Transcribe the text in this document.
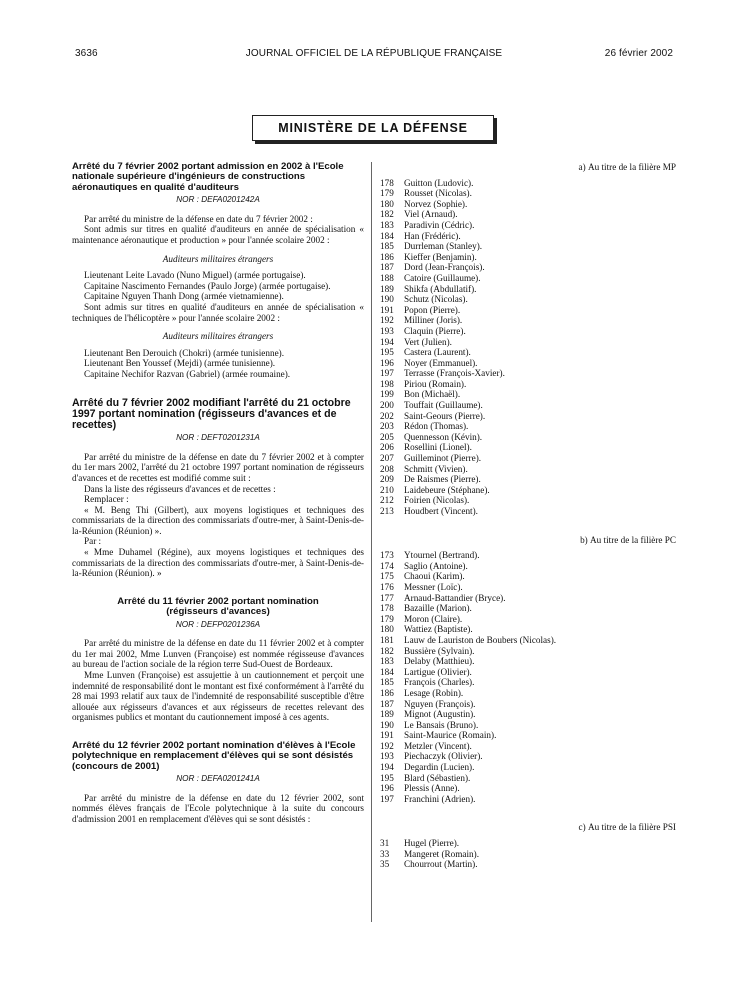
3636	JOURNAL OFFICIEL DE LA RÉPUBLIQUE FRANÇAISE	26 février 2002
MINISTÈRE DE LA DÉFENSE
Arrêté du 7 février 2002 portant admission en 2002 à l'Ecole nationale supérieure d'ingénieurs de constructions aéronautiques en qualité d'auditeurs
NOR : DEFA0201242A

Par arrêté du ministre de la défense en date du 7 février 2002 :

Sont admis sur titres en qualité d'auditeurs en année de spécialisation « maintenance aéronautique et production » pour l'année scolaire 2002 :

Auditeurs militaires étrangers

Lieutenant Leite Lavado (Nuno Miguel) (armée portugaise).

Capitaine Nascimento Fernandes (Paulo Jorge) (armée portugaise).

Capitaine Nguyen Thanh Dong (armée vietnamienne).

Sont admis sur titres en qualité d'auditeurs en année de spécialisation « techniques de l'hélicoptère » pour l'année scolaire 2002 :

Auditeurs militaires étrangers

Lieutenant Ben Derouich (Chokri) (armée tunisienne).

Lieutenant Ben Youssef (Mejdi) (armée tunisienne).

Capitaine Nechifor Razvan (Gabriel) (armée roumaine).

Arrêté du 7 février 2002 modifiant l'arrêté du 21 octobre 1997 portant nomination (régisseurs d'avances et de recettes)
NOR : DEFT0201231A

Par arrêté du ministre de la défense en date du 7 février 2002 et à compter du 1er mars 2002, l'arrêté du 21 octobre 1997 portant nomination de régisseurs d'avances et de recettes est modifié comme suit :

Dans la liste des régisseurs d'avances et de recettes :

Remplacer :

« M. Beng Thi (Gilbert), aux moyens logistiques et techniques des commissariats de la direction des commissariats d'outre-mer, à Saint-Denis-de-la-Réunion (Réunion) ».

Par :

« Mme Duhamel (Régine), aux moyens logistiques et techniques des commissariats de la direction des commissariats d'outre-mer, à Saint-Denis-de-la-Réunion (Réunion). »

Arrêté du 11 février 2002 portant nomination
(régisseurs d'avances)
NOR : DEFP0201236A

Par arrêté du ministre de la défense en date du 11 février 2002 et à compter du 1er mai 2002, Mme Lunven (Françoise) est nommée régisseuse d'avances au bureau de l'action sociale de la région terre Sud-Ouest de Bordeaux.

Mme Lunven (Françoise) est assujettie à un cautionnement et perçoit une indemnité de responsabilité dont le montant est fixé conformément à l'arrêté du 28 mai 1993 relatif aux taux de l'indemnité de responsabilité susceptible d'être allouée aux régisseurs d'avances et aux régisseurs de recettes relevant des organismes publics et montant du cautionnement imposé à ces agents.

Arrêté du 12 février 2002 portant nomination d'élèves à l'Ecole polytechnique en remplacement d'élèves qui se sont désistés (concours de 2001)
NOR : DEFA0201241A

Par arrêté du ministre de la défense en date du 12 février 2002, sont nommés élèves français de l'Ecole polytechnique à la suite du concours d'admission 2001 en remplacement d'élèves qui se sont désistés :

a) Au titre de la filière MP
178 Guitton (Ludovic).
179 Rousset (Nicolas).
180 Norvez (Sophie).
182 Viel (Arnaud).
183 Paradivin (Cédric).
184 Han (Frédéric).
185 Durrleman (Stanley).
186 Kieffer (Benjamin).
187 Dord (Jean-François).
188 Catoire (Guillaume).
189 Shikfa (Abdullatif).
190 Schutz (Nicolas).
191 Popon (Pierre).
192 Milliner (Joris).
193 Claquin (Pierre).
194 Vert (Julien).
195 Castera (Laurent).
196 Noyer (Emmanuel).
197 Terrasse (François-Xavier).
198 Piriou (Romain).
199 Bon (Michaël).
200 Touffait (Guillaume).
202 Saint-Geours (Pierre).
203 Rédon (Thomas).
205 Quennesson (Kévin).
206 Rosellini (Lionel).
207 Guilleminot (Pierre).
208 Schmitt (Vivien).
209 De Raismes (Pierre).
210 Laidebeure (Stéphane).
212 Foirien (Nicolas).
213 Houdbert (Vincent).
b) Au titre de la filière PC
173 Ytournel (Bertrand).
174 Saglio (Antoine).
175 Chaoui (Karim).
176 Messner (Loïc).
177 Arnaud-Battandier (Bryce).
178 Bazaille (Marion).
179 Moron (Claire).
180 Wattiez (Baptiste).
181 Lauw de Lauriston de Boubers (Nicolas).
182 Bussière (Sylvain).
183 Delaby (Matthieu).
184 Lartigue (Olivier).
185 François (Charles).
186 Lesage (Robin).
187 Nguyen (François).
189 Mignot (Augustin).
190 Le Bansais (Bruno).
191 Saint-Maurice (Romain).
192 Metzler (Vincent).
193 Piechaczyk (Olivier).
194 Degardin (Lucien).
195 Blard (Sébastien).
196 Plessis (Anne).
197 Franchini (Adrien).
c) Au titre de la filière PSI
31 Hugel (Pierre).
33 Mangeret (Romain).
35 Chourrout (Martin).
